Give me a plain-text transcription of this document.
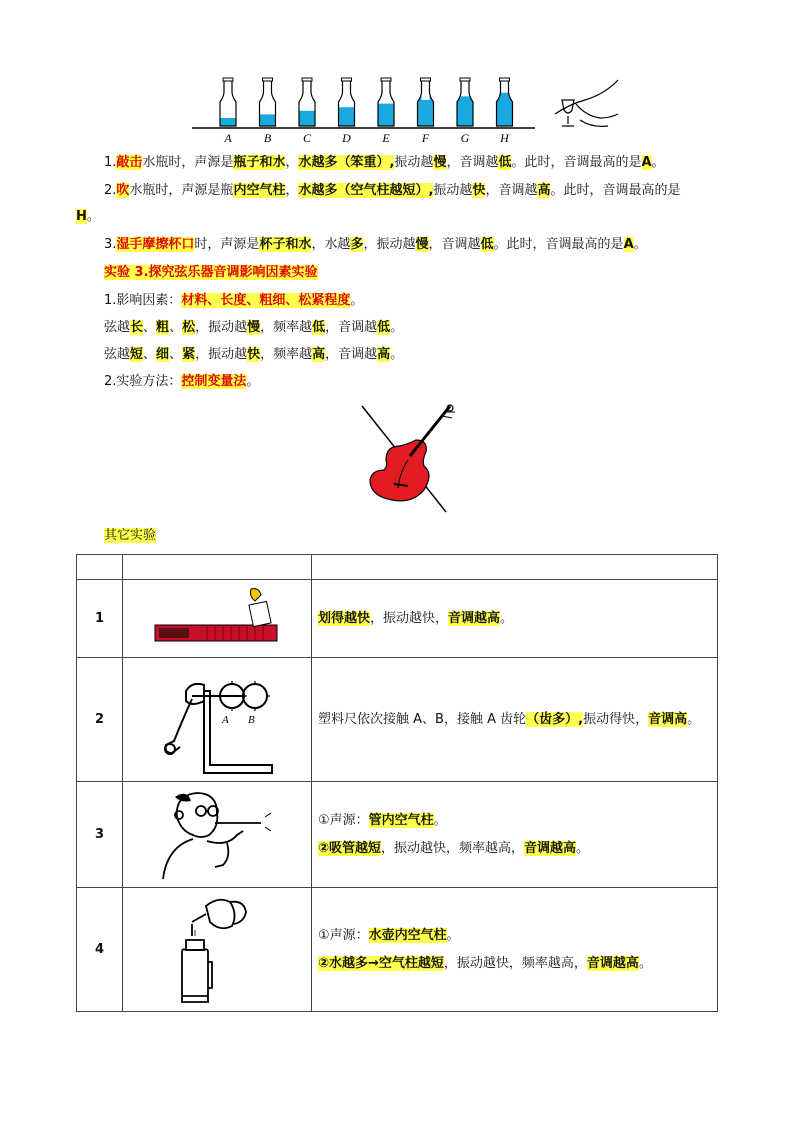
A	B	C	D	E	F	G	H
1.敲击水瓶时，声源是瓶子和水，水越多（笨重）,振动越慢，音调越低。此时，音调最高的是A。
2.吹水瓶时，声源是瓶内空气柱，水越多（空气柱越短）,振动越快，音调越高。此时，音调最高的是
H。
3.湿手摩擦杯口时，声源是杯子和水，水越多，振动越慢，音调越低。此时，音调最高的是A。
实验 3.探究弦乐器音调影响因素实验
1.影响因素：材料、长度、粗细、松紧程度。
弦越长、粗、松，振动越慢，频率越低，音调越低。
弦越短、细、紧，振动越快，频率越高，音调越高。
2.实验方法：控制变量法。
其它实验

1		划得越快，振动越快，音调越高。
2	A B	塑料尺依次接触 A、B，接触 A 齿轮（齿多）,振动得快，音调高。
3		①声源：管内空气柱。
②吸管越短，振动越快，频率越高，音调越高。

4		①声源：水壶内空气柱。
②水越多→空气柱越短，振动越快，频率越高，音调越高。
